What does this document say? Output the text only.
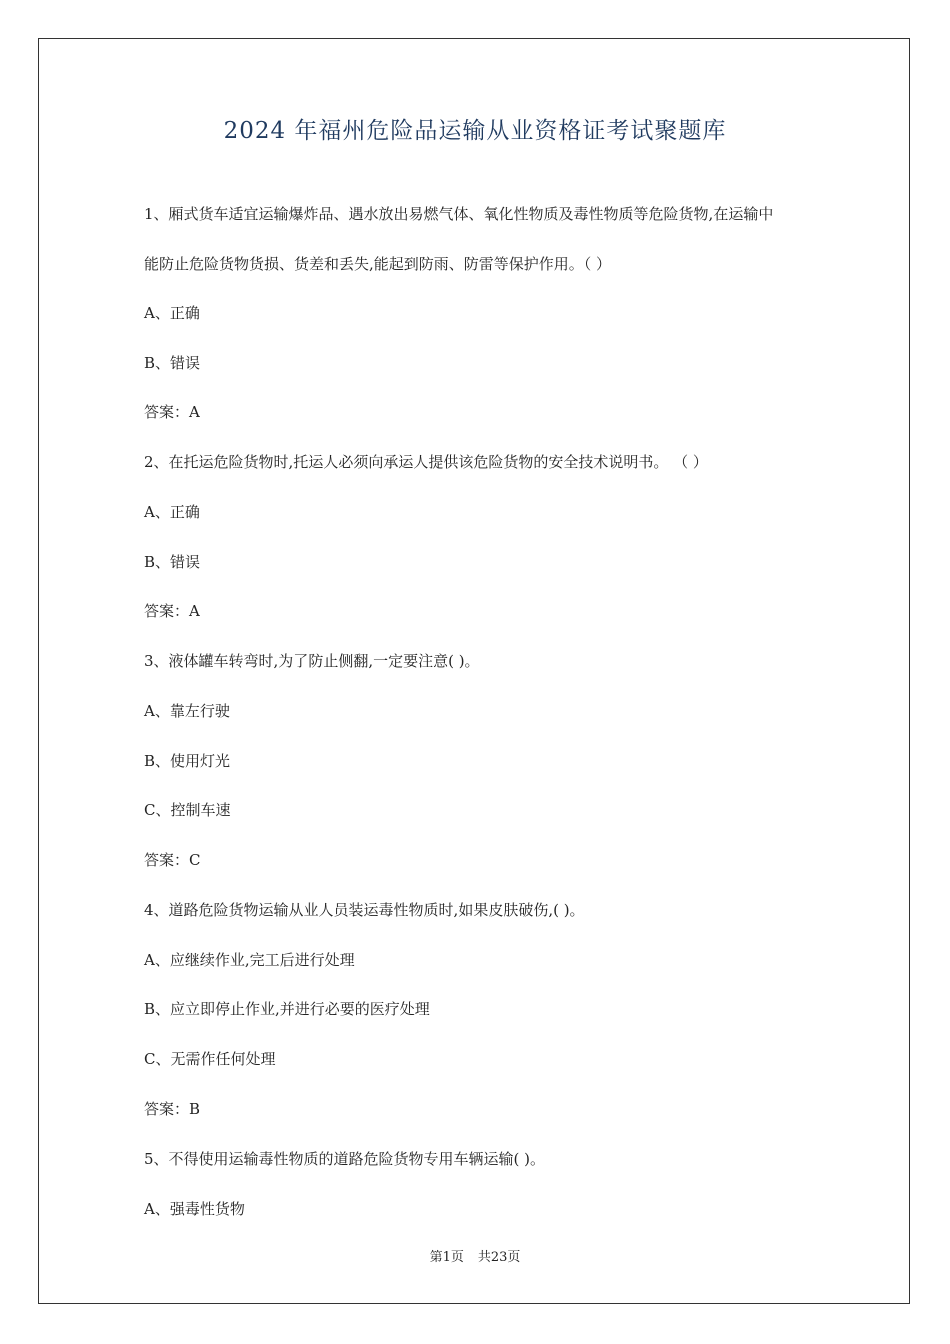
2024 年福州危险品运输从业资格证考试聚题库
1、厢式货车适宜运输爆炸品、遇水放出易燃气体、氧化性物质及毒性物质等危险货物,在运输中
能防止危险货物货损、货差和丢失,能起到防雨、防雷等保护作用。（ ）
A、正确
B、错误
答案：A
2、在托运危险货物时,托运人必须向承运人提供该危险货物的安全技术说明书。 （ ）
A、正确
B、错误
答案：A
3、液体罐车转弯时,为了防止侧翻,一定要注意( )。
A、靠左行驶
B、使用灯光
C、控制车速
答案：C
4、道路危险货物运输从业人员装运毒性物质时,如果皮肤破伤,( )。
A、应继续作业,完工后进行处理
B、应立即停止作业,并进行必要的医疗处理
C、无需作任何处理
答案：B
5、不得使用运输毒性物质的道路危险货物专用车辆运输( )。
A、强毒性货物
第1页 共23页
